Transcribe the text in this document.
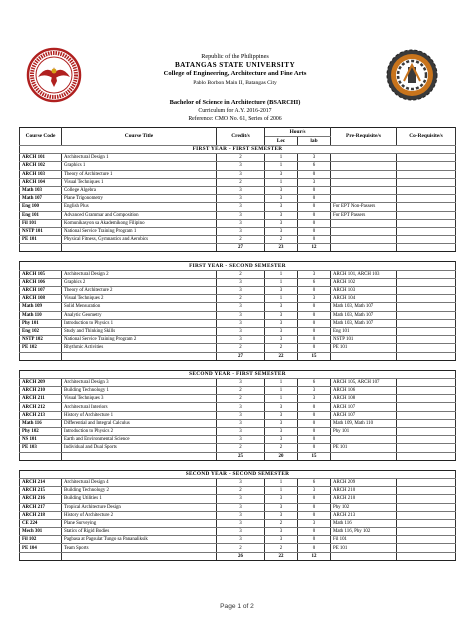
Republic of the Philippines
BATANGAS STATE UNIVERSITY
College of Engineering, Architecture and Fine Arts
Pablo Borbon Main II, Batangas City
Bachelor of Science in Architecture (BSARCHI)
Curriculum for A.Y. 2016-2017
Reference: CMO No. 61, Series of 2006
Course Code	Course Title	Credit/s	Hour/s		Pre-Requisite/s	Co-Requisite/s
			Lec	lab		
FIRST YEAR - FIRST SEMESTER						
ARCH 101	Architectural Design 1	2	1	3		
ARCH 102	Graphics 1	3	1	6		
ARCH 103	Theory of Architecture 1	3	3	0		
ARCH 104	Visual Techniques 1	2	1	3		
Math 103	College Algebra	3	3	0		
Math 107	Plane Trigonometry	3	3	0		
Eng 100	English Plus	3	3	0	For EPT Non-Passers	
Eng 101	Advanced Grammar and Composition	3	3	0	For EPT Passers	
Fil 101	Komunikasyon sa Akademikong Filipino	3	3	0		
NSTP 101	National Service Training Program 1	3	3	0		
PE 101	Physical Fitness, Gymnastics and Aerobics	2	2	0		
		27	23	12		

FIRST YEAR - SECOND SEMESTER						
ARCH 105	Architectural Design 2	2	1	3	ARCH 101, ARCH 103	
ARCH 106	Graphics 2	3	1	6	ARCH 102	
ARCH 107	Theory of Architecture 2	3	3	0	ARCH 103	
ARCH 108	Visual Techniques 2	2	1	3	ARCH 104	
Math 109	Solid Mensuration	3	3	0	Math 103, Math 107	
Math 110	Analytic Geometry	3	3	0	Math 103, Math 107	
Phy 101	Introduction to Physics 1	3	3	0	Math 103, Math 107	
Eng 102	Study and Thinking Skills	3	3	0	Eng 101	
NSTP 102	National Service Training Program 2	3	3	0	NSTP 101	
PE 102	Rhythmic Activities	2	2	0	PE 101	
		27	22	15		

SECOND YEAR - FIRST SEMESTER						
ARCH 209	Architectural Design 3	3	1	6	ARCH 105, ARCH 107	
ARCH 210	Building Technology 1	2	1	3	ARCH 106	
ARCH 211	Visual Techniques 3	2	1	3	ARCH 108	
ARCH 212	Architectural Interiors	3	3	0	ARCH 107	
ARCH 213	History of Architecture 1	3	3	0	ARCH 107	
Math 116	Differential and Integral Calculus	3	3	0	Math 109, Math 110	
Phy 102	Introduction to Physics 2	3	3	0	Phy 101	
NS 101	Earth and Environmental Science	3	3	0		
PE 103	Individual and Dual Sports	2	2	0	PE 101	
		25	20	15		

SECOND YEAR - SECOND SEMESTER						
ARCH 214	Architectural Design 4	3	1	6	ARCH 209	
ARCH 215	Building Technology 2	2	1	3	ARCH 210	
ARCH 216	Building Utilities 1	3	3	0	ARCH 210	
ARCH 217	Tropical Architecture Design	3	3	0	Phy 102	
ARCH 218	History of Architecture 2	3	3	0	ARCH 213	
CE 224	Plane Surveying	3	2	3	Math 116	
Mech 301	Statics of Rigid Bodies	3	3	0	Math 116, Phy 102	
Fil 102	Pagbasa at Pagsulat Tungo sa Pananaliksik	3	3	0	Fil 101	
PE 104	Team Sports	2	2	0	PE 101	
		26	22	12		
Page 1 of 2
